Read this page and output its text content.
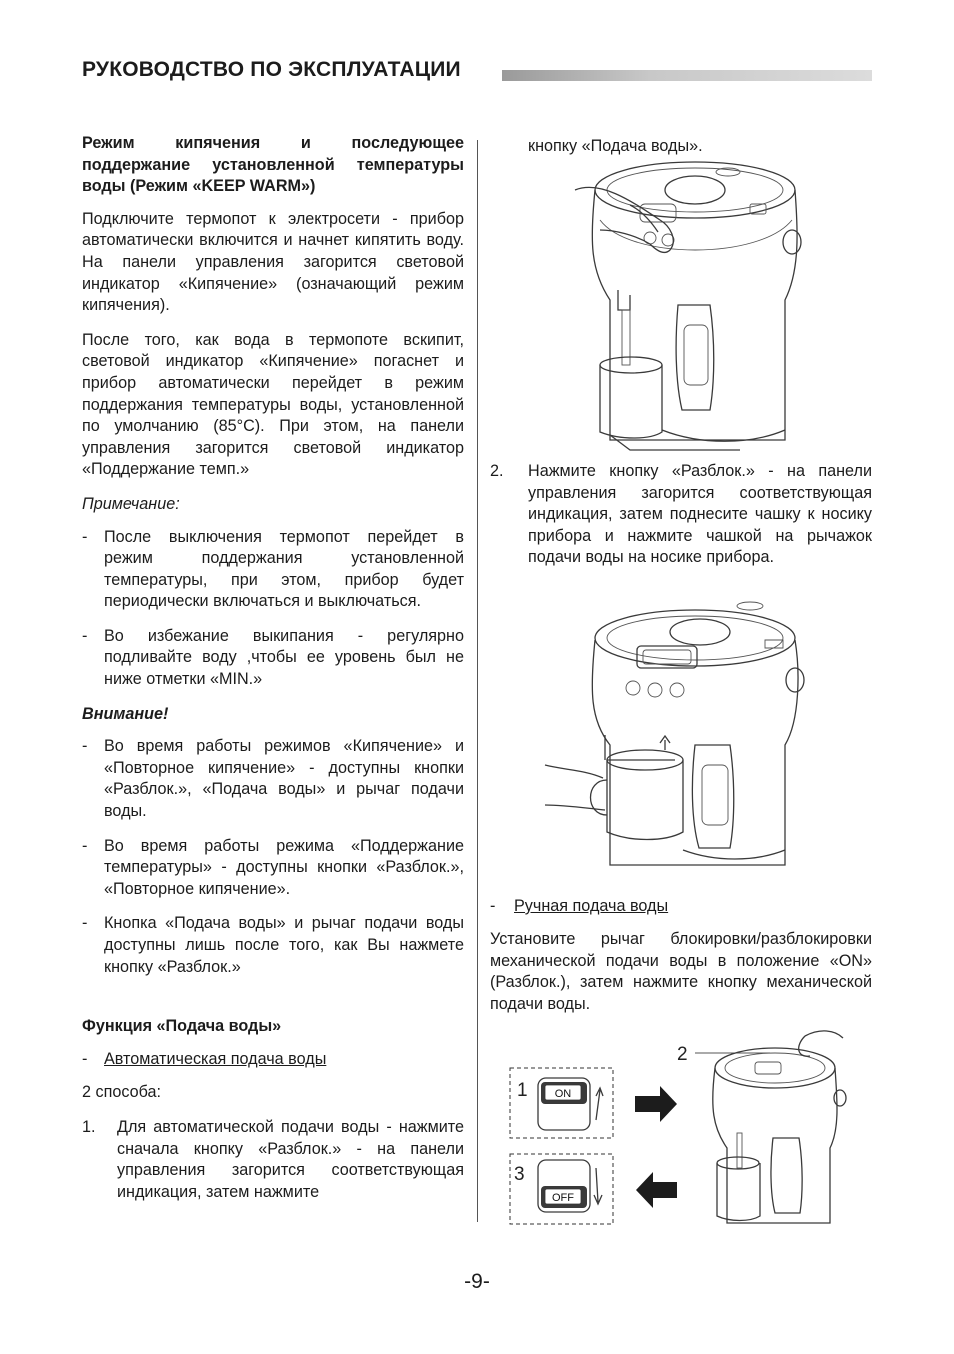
РУКОВОДСТВО ПО ЭКСПЛУАТАЦИИ

Режим кипячения и последующее поддержание установленной температуры воды (Режим «KEEP WARM»)

Подключите термопот к электросети - прибор автоматически включится и начнет кипятить воду. На панели управления загорится световой индикатор «Кипячение» (означающий режим кипячения).

После того, как вода в термопоте вскипит, световой индикатор «Кипячение» погаснет и прибор автоматически перейдет в режим поддержания температуры воды, установленной по умолчанию (85°С). При этом, на панели управления загорится световой индикатор «Поддержание темп.»

Примечание:

-	После выключения термопот перейдет в режим поддержания установленной температуры, при этом, прибор будет периодически включаться и выключаться.
-	Во избежание выкипания - регулярно подливайте воду ,чтобы ее уровень был не ниже отметки «MIN.»

Внимание!

-	Во время работы режимов «Кипячение» и «Повторное кипячение» - доступны кнопки «Разблок.», «Подача воды» и рычаг подачи воды.
-	Во время работы режима «Поддержание температуры» - доступны кнопки «Разблок.», «Повторное кипячение».
-	Кнопка «Подача воды» и рычаг подачи воды доступны лишь после того, как Вы нажмете кнопку «Разблок.»

Функция «Подача воды»

-	Автоматическая подача воды

2 способа:

1.	Для автоматической подачи воды - нажмите сначала кнопку «Разблок.» - на панели управления загорится соответствующая индикация, затем нажмите
кнопку «Подача воды».
2.	Нажмите кнопку «Разблок.» - на панели управления загорится соответствующая индикация, затем поднесите чашку к носику прибора и нажмите чашкой на рычажок подачи воды на носике прибора.
-	Ручная подача воды
Установите рычаг блокировки/разблокировки механической подачи воды в положение «ON» (Разблок.), затем нажмите кнопку механической подачи воды.
1
3
ON
OFF
2
-9-
